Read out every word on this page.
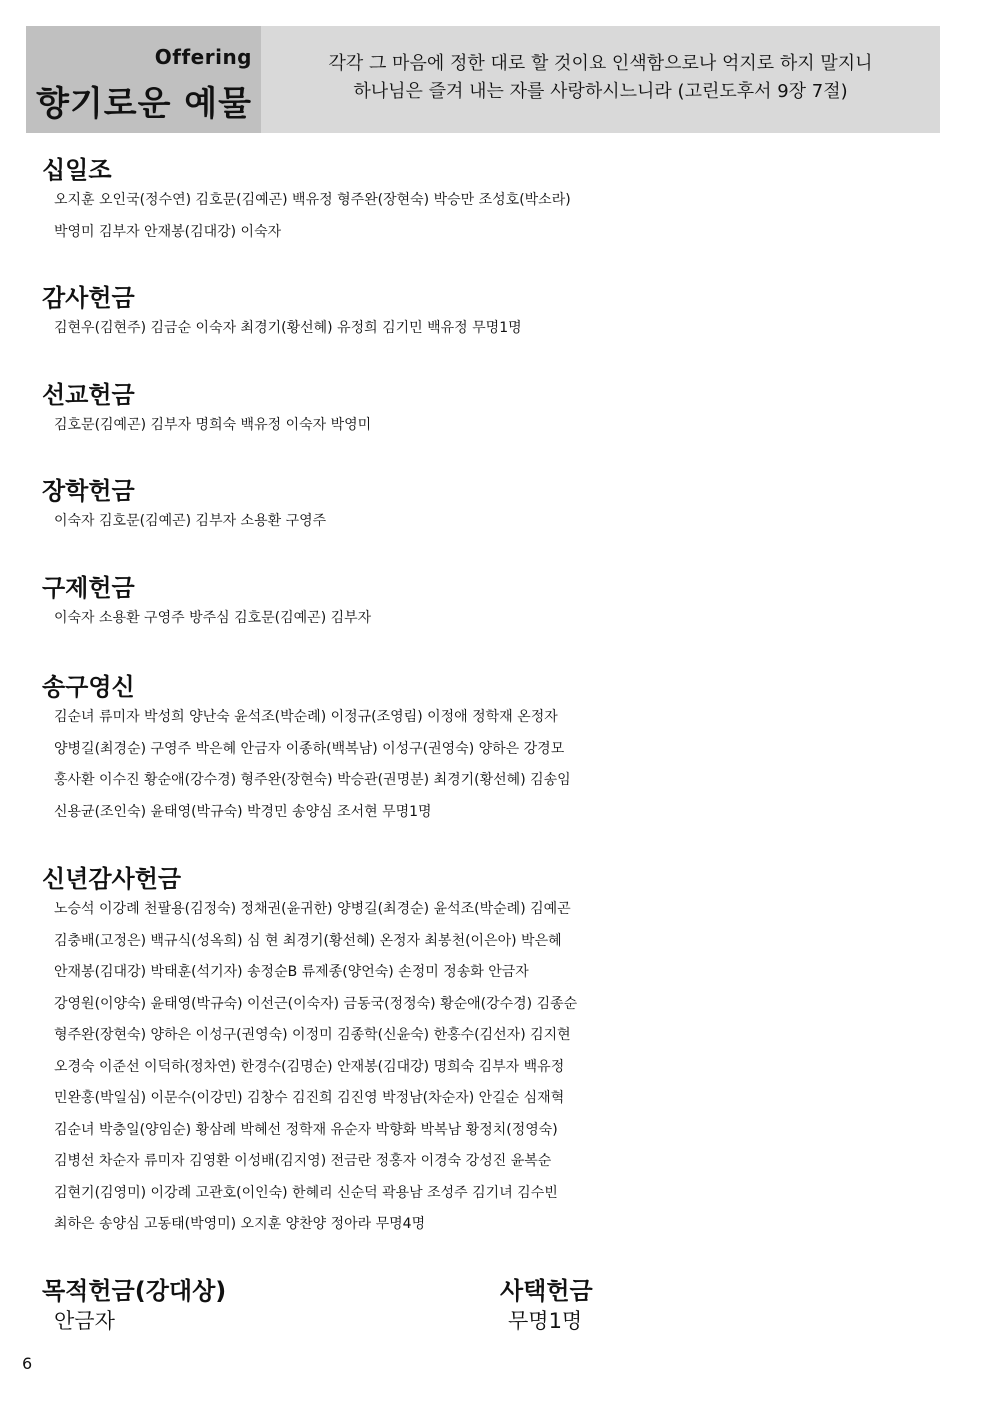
Offering
향기로운 예물
각각 그 마음에 정한 대로 할 것이요 인색함으로나 억지로 하지 말지니
하나님은 즐겨 내는 자를 사랑하시느니라 (고린도후서 9장 7절)
십일조
오지훈 오인국(정수연) 김호문(김예곤) 백유정 형주완(장현숙) 박승만 조성호(박소라)
박영미 김부자 안재봉(김대강) 이숙자
감사헌금
김현우(김현주) 김금순 이숙자 최경기(황선혜) 유정희 김기민 백유정 무명1명
선교헌금
김호문(김예곤) 김부자 명희숙 백유정 이숙자 박영미
장학헌금
이숙자 김호문(김예곤) 김부자 소용환 구영주
구제헌금
이숙자 소용환 구영주 방주심 김호문(김예곤) 김부자
송구영신
김순녀 류미자 박성희 양난숙 윤석조(박순례) 이정규(조영림) 이정애 정학재 온정자
양병길(최경순) 구영주 박은혜 안금자 이종하(백복남) 이성구(권영숙) 양하은 강경모
홍사환 이수진 황순애(강수경) 형주완(장현숙) 박승관(권명분) 최경기(황선혜) 김송임
신용균(조인숙) 윤태영(박규숙) 박경민 송양심 조서현 무명1명
신년감사헌금
노승석 이강례 천팔용(김정숙) 정채권(윤귀한) 양병길(최경순) 윤석조(박순례) 김예곤
김충배(고정은) 백규식(성옥희) 심 현 최경기(황선혜) 온정자 최봉천(이은아) 박은혜
안재봉(김대강) 박태훈(석기자) 송정순B 류제종(양언숙) 손정미 정송화 안금자
강영원(이양숙) 윤태영(박규숙) 이선근(이숙자) 금동국(정정숙) 황순애(강수경) 김종순
형주완(장현숙) 양하은 이성구(권영숙) 이정미 김종학(신윤숙) 한홍수(김선자) 김지현
오경숙 이준선 이덕하(정차연) 한경수(김명순) 안재봉(김대강) 명희숙 김부자 백유정
민완홍(박일심) 이문수(이강민) 김창수 김진희 김진영 박정남(차순자) 안길순 심재혁
김순녀 박충일(양임순) 황삼례 박혜선 정학재 유순자 박향화 박복남 황정치(정영숙)
김병선 차순자 류미자 김영환 이성배(김지영) 전금란 정홍자 이경숙 강성진 윤복순
김현기(김영미) 이강례 고관호(이인숙) 한혜리 신순덕 곽용남 조성주 김기녀 김수빈
최하은 송양심 고동태(박영미) 오지훈 양찬양 정아라 무명4명
목적헌금(강대상)
안금자
사택헌금
무명1명
6
